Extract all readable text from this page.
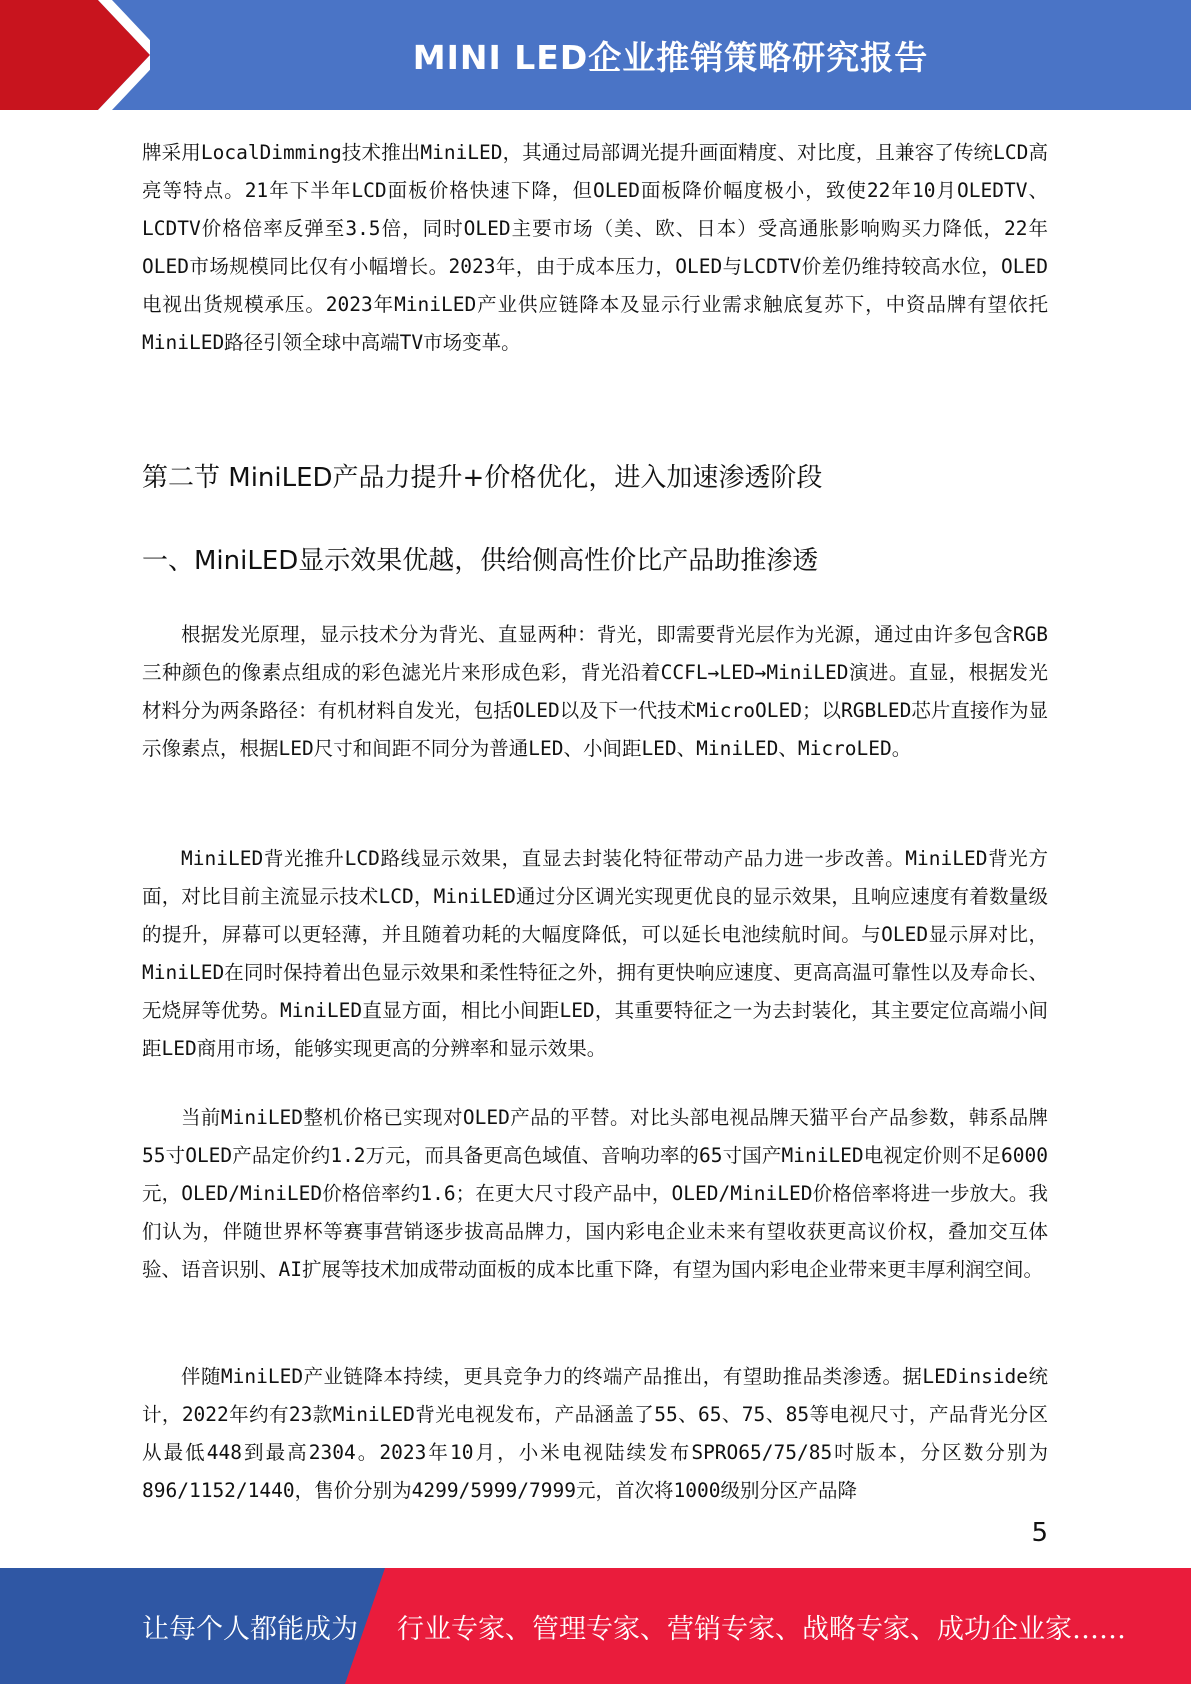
MINI LED企业推销策略研究报告

牌采用LocalDimming技术推出MiniLED，其通过局部调光提升画面精度、对比度，且兼容了传统LCD高亮等特点。21年下半年LCD面板价格快速下降，但OLED面板降价幅度极小，致使22年10月OLEDTV、LCDTV价格倍率反弹至3.5倍，同时OLED主要市场（美、欧、日本）受高通胀影响购买力降低，22年OLED市场规模同比仅有小幅增长。2023年，由于成本压力，OLED与LCDTV价差仍维持较高水位，OLED电视出货规模承压。2023年MiniLED产业供应链降本及显示行业需求触底复苏下，中资品牌有望依托MiniLED路径引领全球中高端TV市场变革。

第二节 MiniLED产品力提升+价格优化，进入加速渗透阶段
一、MiniLED显示效果优越，供给侧高性价比产品助推渗透

根据发光原理，显示技术分为背光、直显两种：背光，即需要背光层作为光源，通过由许多包含RGB三种颜色的像素点组成的彩色滤光片来形成色彩，背光沿着CCFL→LED→MiniLED演进。直显，根据发光材料分为两条路径：有机材料自发光，包括OLED以及下一代技术MicroOLED；以RGBLED芯片直接作为显示像素点，根据LED尺寸和间距不同分为普通LED、小间距LED、MiniLED、MicroLED。

MiniLED背光推升LCD路线显示效果，直显去封装化特征带动产品力进一步改善。MiniLED背光方面，对比目前主流显示技术LCD，MiniLED通过分区调光实现更优良的显示效果，且响应速度有着数量级的提升，屏幕可以更轻薄，并且随着功耗的大幅度降低，可以延长电池续航时间。与OLED显示屏对比，MiniLED在同时保持着出色显示效果和柔性特征之外，拥有更快响应速度、更高高温可靠性以及寿命长、无烧屏等优势。MiniLED直显方面，相比小间距LED，其重要特征之一为去封装化，其主要定位高端小间距LED商用市场，能够实现更高的分辨率和显示效果。

当前MiniLED整机价格已实现对OLED产品的平替。对比头部电视品牌天猫平台产品参数，韩系品牌55寸OLED产品定价约1.2万元，而具备更高色域值、音响功率的65寸国产MiniLED电视定价则不足6000元，OLED/MiniLED价格倍率约1.6；在更大尺寸段产品中，OLED/MiniLED价格倍率将进一步放大。我们认为，伴随世界杯等赛事营销逐步拔高品牌力，国内彩电企业未来有望收获更高议价权，叠加交互体验、语音识别、AI扩展等技术加成带动面板的成本比重下降，有望为国内彩电企业带来更丰厚利润空间。

伴随MiniLED产业链降本持续，更具竞争力的终端产品推出，有望助推品类渗透。据LEDinside统计，2022年约有23款MiniLED背光电视发布，产品涵盖了55、65、75、85等电视尺寸，产品背光分区从最低448到最高2304。2023年10月，小米电视陆续发布SPRO65/75/85吋版本，分区数分别为896/1152/1440，售价分别为4299/5999/7999元，首次将1000级别分区产品降

5
让每个人都能成为 行业专家、管理专家、营销专家、战略专家、成功企业家……
